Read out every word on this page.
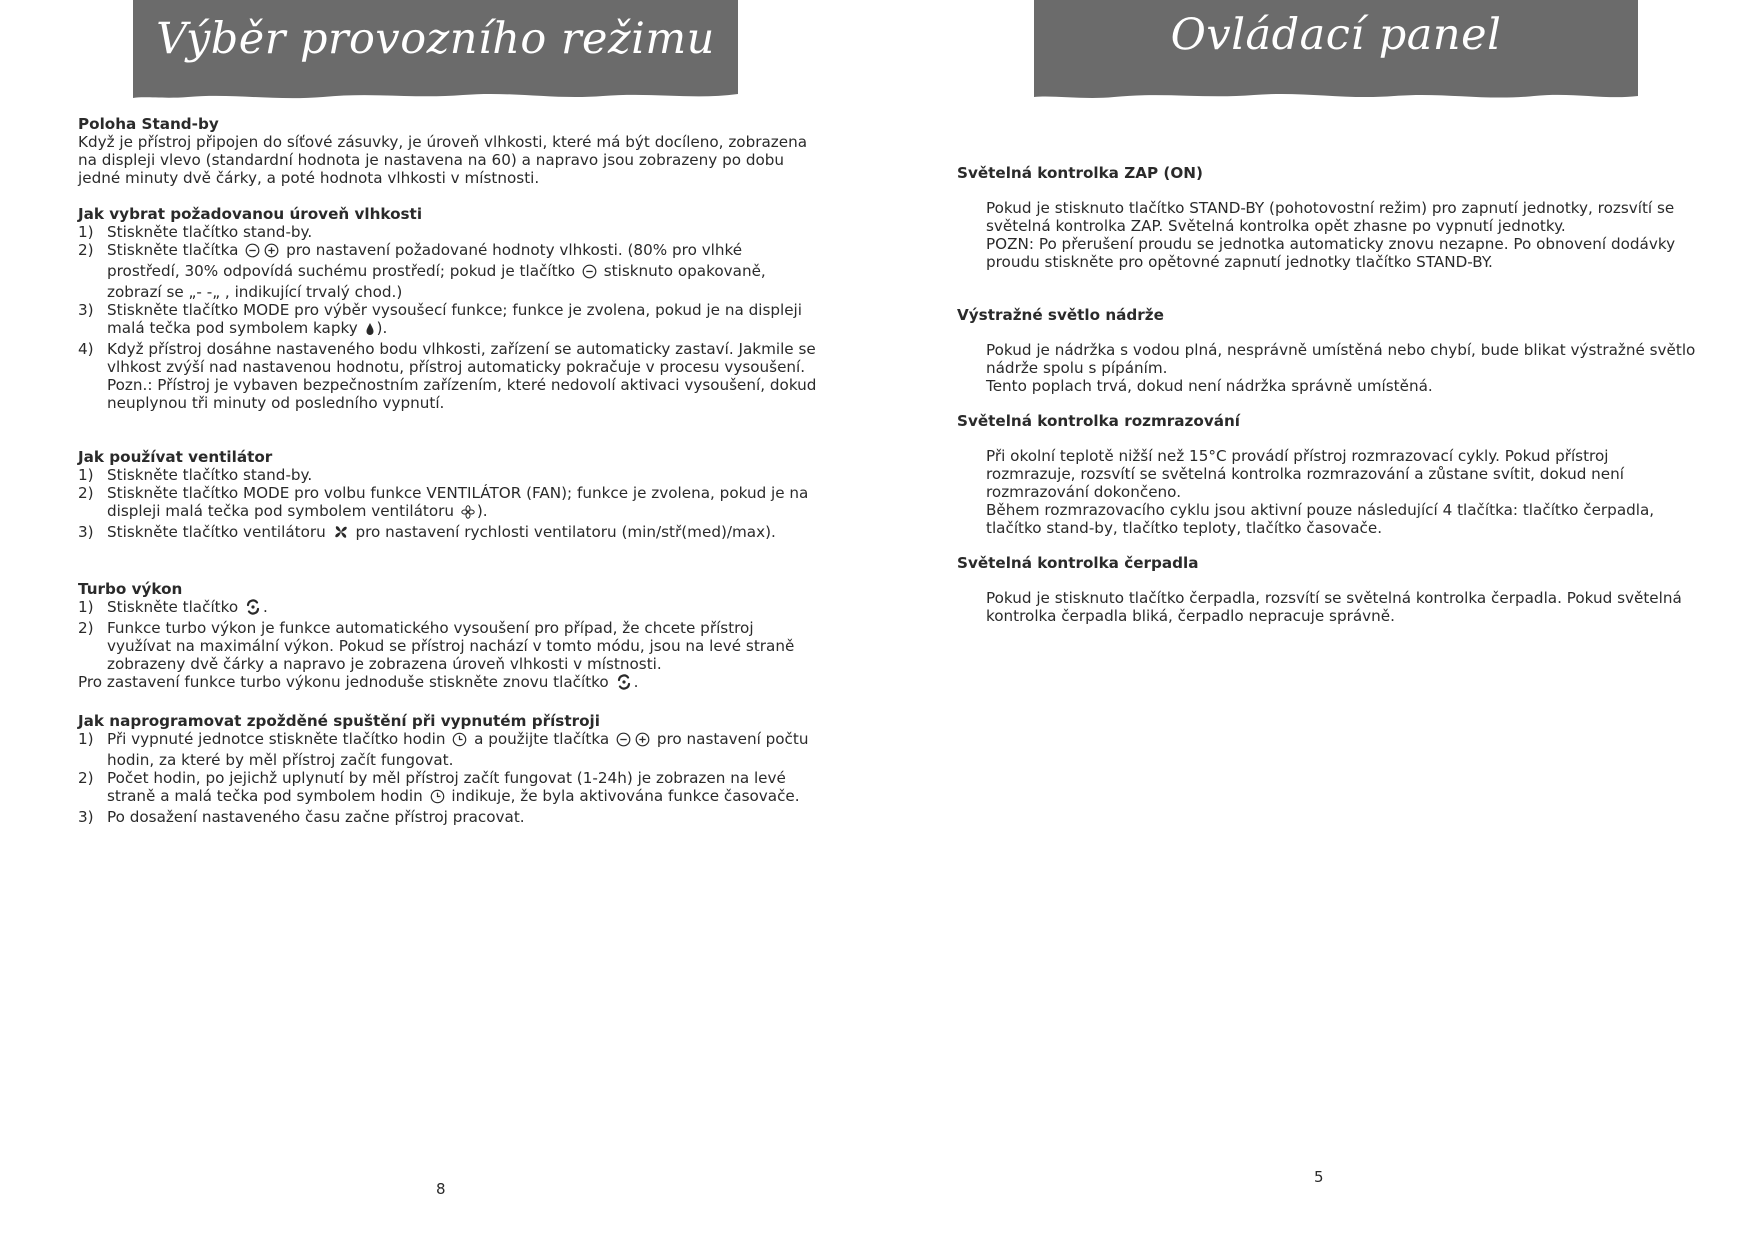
Výběr provozního režimu

Poloha Stand-by

Když je přístroj připojen do síťové zásuvky, je úroveň vlhkosti, které má být docíleno, zobrazena na displeji vlevo (standardní hodnota je nastavena na 60) a napravo jsou zobrazeny po dobu jedné minuty dvě čárky, a poté hodnota vlhkosti v místnosti.

Jak vybrat požadovanou úroveň vlhkosti

1) Stiskněte tlačítko stand-by.
2) Stiskněte tlačítka	pro nastavení požadované hodnoty vlhkosti. (80% pro vlhké prostředí, 30% odpovídá suchému prostředí; pokud je tlačítko stisknuto opakovaně, zobrazí se „- -„ , indikující trvalý chod.)
3) Stiskněte tlačítko MODE pro výběr vysoušecí funkce; funkce je zvolena, pokud je na displeji malá tečka pod symbolem kapky ).
4) Když přístroj dosáhne nastaveného bodu vlhkosti, zařízení se automaticky zastaví. Jakmile se vlhkost zvýší nad nastavenou hodnotu, přístroj automaticky pokračuje v procesu vysoušení.
Pozn.: Přístroj je vybaven bezpečnostním zařízením, které nedovolí aktivaci vysoušení, dokud neuplynou tři minuty od posledního vypnutí.

Jak používat ventilátor

1) Stiskněte tlačítko stand-by.
2) Stiskněte tlačítko MODE pro volbu funkce VENTILÁTOR (FAN); funkce je zvolena, pokud je na displeji malá tečka pod symbolem ventilátoru ).
3) Stiskněte tlačítko ventilátoru pro nastavení rychlosti ventilatoru (min/stř(med)/max).

Turbo výkon

1) Stiskněte tlačítko .
2) Funkce turbo výkon je funkce automatického vysoušení pro případ, že chcete přístroj využívat na maximální výkon. Pokud se přístroj nachází v tomto módu, jsou na levé straně zobrazeny dvě čárky a napravo je zobrazena úroveň vlhkosti v místnosti.

Pro zastavení funkce turbo výkonu jednoduše stiskněte znovu tlačítko .

Jak naprogramovat zpožděné spuštění při vypnutém přístroji

1) Při vypnuté jednotce stiskněte tlačítko hodin a použijte tlačítka	pro nastavení počtu hodin, za které by měl přístroj začít fungovat.
2) Počet hodin, po jejichž uplynutí by měl přístroj začít fungovat (1-24h) je zobrazen na levé straně a malá tečka pod symbolem hodin indikuje, že byla aktivována funkce časovače.
3) Po dosažení nastaveného času začne přístroj pracovat.
8
Ovládací panel

Světelná kontrolka ZAP (ON)

Pokud je stisknuto tlačítko STAND-BY (pohotovostní režim) pro zapnutí jednotky, rozsvítí se světelná kontrolka ZAP. Světelná kontrolka opět zhasne po vypnutí jednotky.
POZN: Po přerušení proudu se jednotka automaticky znovu nezapne. Po obnovení dodávky proudu stiskněte pro opětovné zapnutí jednotky tlačítko STAND-BY.

Výstražné světlo nádrže

Pokud je nádržka s vodou plná, nesprávně umístěná nebo chybí, bude blikat výstražné světlo nádrže spolu s pípáním.
Tento poplach trvá, dokud není nádržka správně umístěná.

Světelná kontrolka rozmrazování

Při okolní teplotě nižší než 15°C provádí přístroj rozmrazovací cykly. Pokud přístroj rozmrazuje, rozsvítí se světelná kontrolka rozmrazování a zůstane svítit, dokud není rozmrazování dokončeno.
Během rozmrazovacího cyklu jsou aktivní pouze následující 4 tlačítka: tlačítko čerpadla, tlačítko stand-by, tlačítko teploty, tlačítko časovače.

Světelná kontrolka čerpadla

Pokud je stisknuto tlačítko čerpadla, rozsvítí se světelná kontrolka čerpadla. Pokud světelná kontrolka čerpadla bliká, čerpadlo nepracuje správně.

5
